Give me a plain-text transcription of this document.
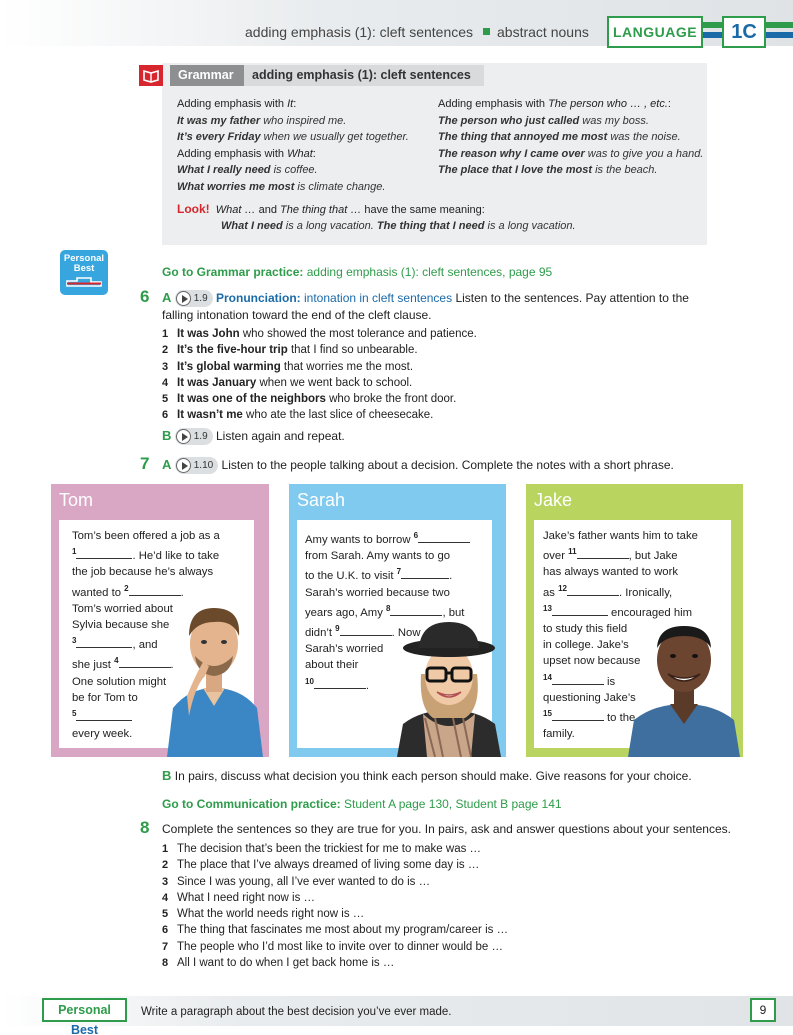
adding emphasis (1): cleft sentences abstract nouns	LANGUAGE	1C
Grammar	adding emphasis (1): cleft sentences
Adding emphasis with It:
It was my father who inspired me.
It’s every Friday when we usually get together.
Adding emphasis with What:
What I really need is coffee.
What worries me most is climate change.
Adding emphasis with The person who … , etc.:
The person who just called was my boss.
The thing that annoyed me most was the noise.
The reason why I came over was to give you a hand.
The place that I love the most is the beach.
Look! What … and The thing that … have the same meaning:
What I need is a long vacation. The thing that I need is a long vacation.
Personal
Best	Go to Grammar practice: adding emphasis (1): cleft sentences, page 95
6 A 1.9 Pronunciation: intonation in cleft sentences Listen to the sentences. Pay attention to the
falling intonation toward the end of the cleft clause.
1 It was John who showed the most tolerance and patience.
2 It’s the five-hour trip that I find so unbearable.
3 It’s global warming that worries me the most.
4 It was January when we went back to school.
5 It was one of the neighbors who broke the front door.
6 It wasn’t me who ate the last slice of cheesecake.
B 1.9 Listen again and repeat.
7 A 1.10 Listen to the people talking about a decision. Complete the notes with a short phrase.
Tom
Tom’s been offered a job as a
$^1$	. He’d like to take
the job because he’s always
wanted to $^2$	.
Tom’s worried about
Sylvia because she
$^3$	, and
she just $^4$	.
One solution might
be for Tom to
$^5$
every week.
Sarah
Amy wants to borrow $^6$
from Sarah. Amy wants to go
to the U.K. to visit $^7$	.
Sarah’s worried because two
years ago, Amy $^8$	, but
didn’t $^9$	. Now
Sarah’s worried
about their
$^{10}$	.
Jake
Jake’s father wants him to take
over $^{11}$	, but Jake
has always wanted to work
as $^{12}$	. Ironically,
$^{13}$	encouraged him
to study this field
in college. Jake’s
upset now because
$^{14}$	is
questioning Jake’s
$^{15}$	to the
family.
B In pairs, discuss what decision you think each person should make. Give reasons for your choice.
Go to Communication practice: Student A page 130, Student B page 141
8 Complete the sentences so they are true for you. In pairs, ask and answer questions about your sentences.
1 The decision that’s been the trickiest for me to make was …
2 The place that I’ve always dreamed of living some day is …
3 Since I was young, all I’ve ever wanted to do is …
4 What I need right now is …
5 What the world needs right now is …
6 The thing that fascinates me most about my program/career is …
7 The people who I’d most like to invite over to dinner would be …
8 All I want to do when I get back home is …
Personal Best
Write a paragraph about the best decision you’ve ever made.	9
